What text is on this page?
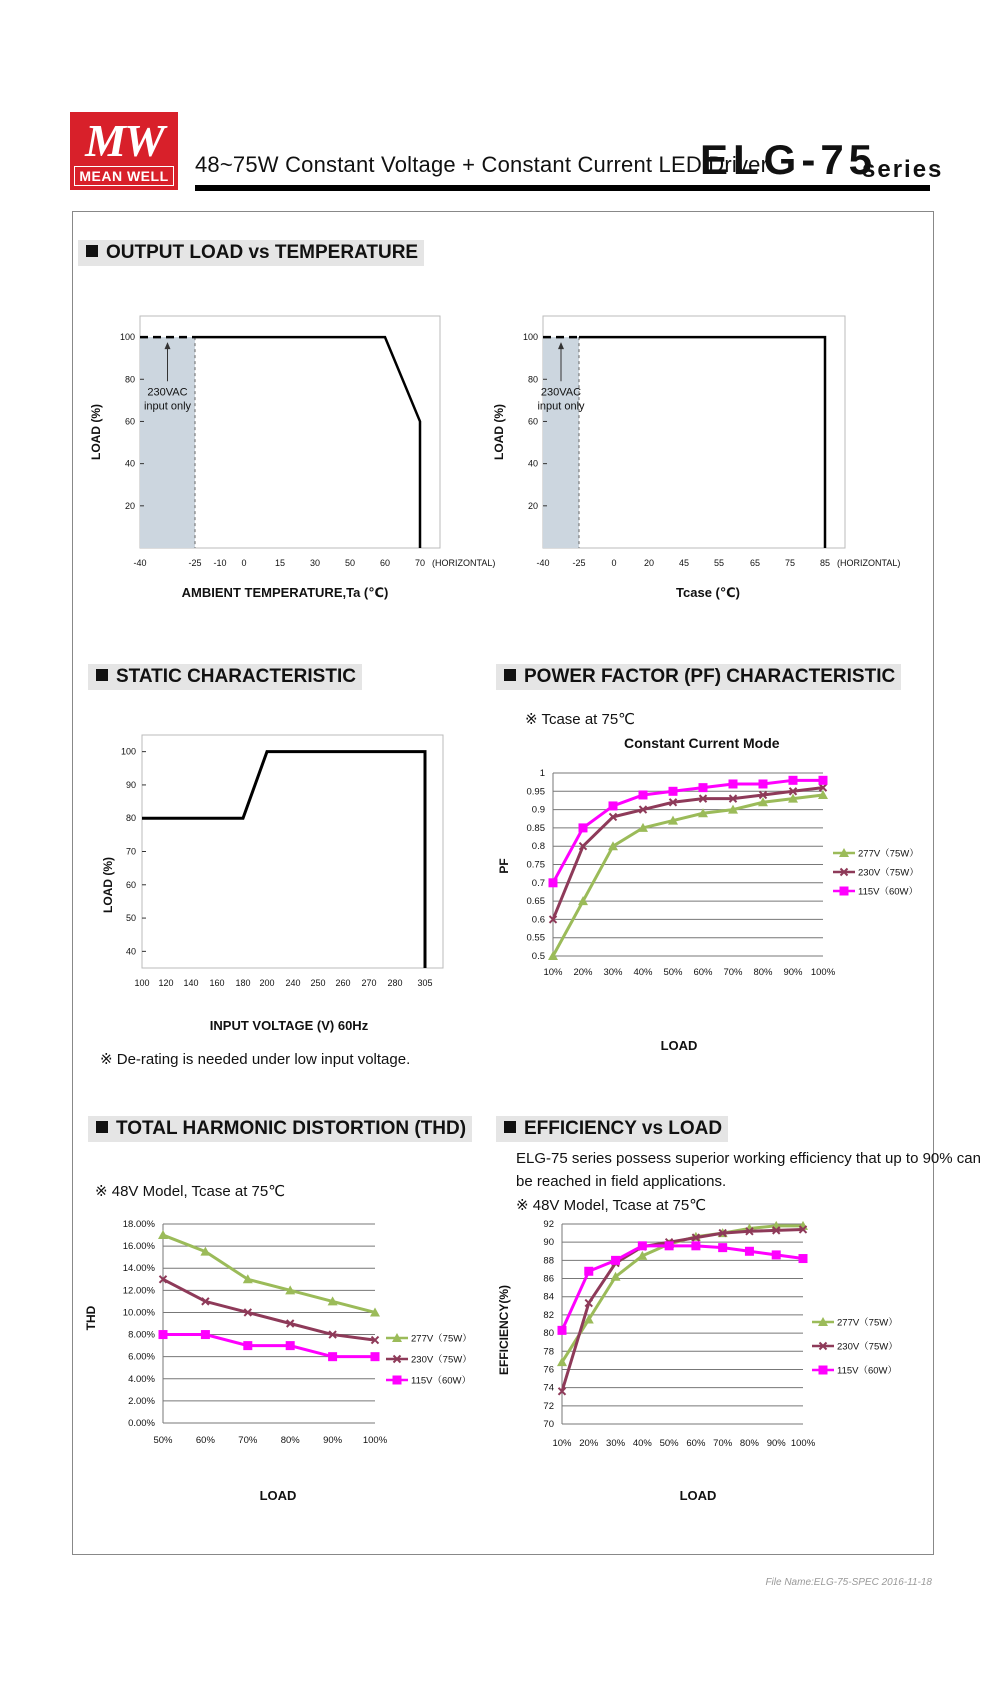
MW
MEAN WELL 48~75W Constant Voltage + Constant Current LED Driver
ELG-75
series
OUTPUT LOAD vs TEMPERATURE
STATIC CHARACTERISTIC	POWER FACTOR (PF) CHARACTERISTIC
TOTAL HARMONIC DISTORTION (THD)	EFFICIENCY vs LOAD
※ Tcase at 75℃
Constant Current Mode
※ De-rating is needed under low input voltage.
※ 48V Model, Tcase at 75℃
ELG-75 series possess superior working efficiency that up to 90% can
be reached in field applications.
※ 48V Model, Tcase at 75℃
20
40
60
80
100
-40	-25 -10 0	15	30	50	60	70 (HORIZONTAL)
230VAC
input only
AMBIENT TEMPERATURE,Ta (℃)
LOAD (%)
20
40
60
80
100
-40	-25	0	20	45	55	65	75	85 (HORIZONTAL)
230VAC
input only
Tcase (℃)
LOAD (%)
40
50
60
70
80
90
100
100 120 140 160 180 200 240 250 260 270 280 305
INPUT VOLTAGE (V) 60Hz
LOAD (%)
0.5
0.55
0.6
0.65
0.7
0.75
0.8
0.85
0.9
0.95
1
10% 20% 30% 40% 50% 60% 70% 80% 90% 100%
277V（75W）
230V（75W）
115V（60W）
LOAD
PF
0.00%
2.00%
4.00%
6.00%
8.00%
10.00%
12.00%
14.00%
16.00%
18.00%
50% 60% 70% 80% 90% 100%
277V（75W）
230V（75W）
115V（60W）
LOAD
THD
70
72
74
76
78
80
82
84
86
88
90
92
10% 20% 30% 40% 50% 60% 70% 80% 90% 100%
277V（75W）
230V（75W）
115V（60W）
LOAD
EFFICIENCY(%)
File Name:ELG-75-SPEC 2016-11-18
